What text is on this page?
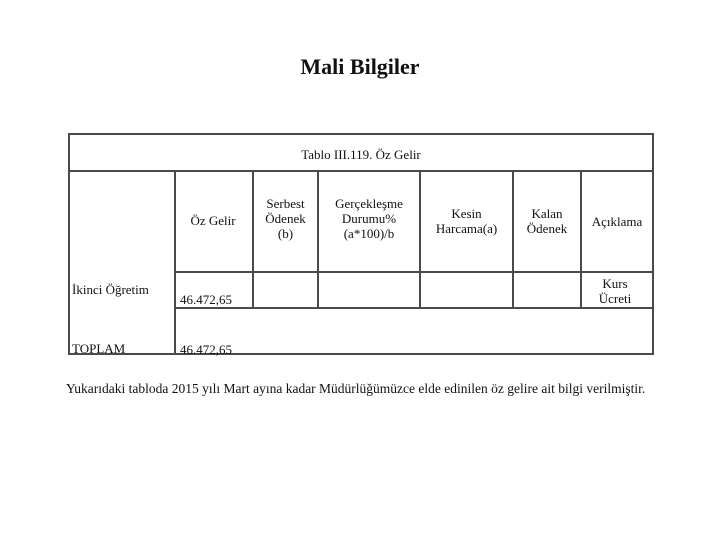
Mali Bilgiler
Tablo III.119. Öz Gelir
Öz Gelir
Serbest
Ödenek
(b)
Gerçekleşme
Durumu%
(a*100)/b
Kesin
Harcama(a)
Kalan
Ödenek	Açıklama
İkinci Öğretim
46.472,65
Kurs
Ücreti
TOPLAM	46.472,65
Yukarıdaki tabloda 2015 yılı Mart ayına kadar Müdürlüğümüzce elde edinilen öz gelire ait bilgi verilmiştir.
